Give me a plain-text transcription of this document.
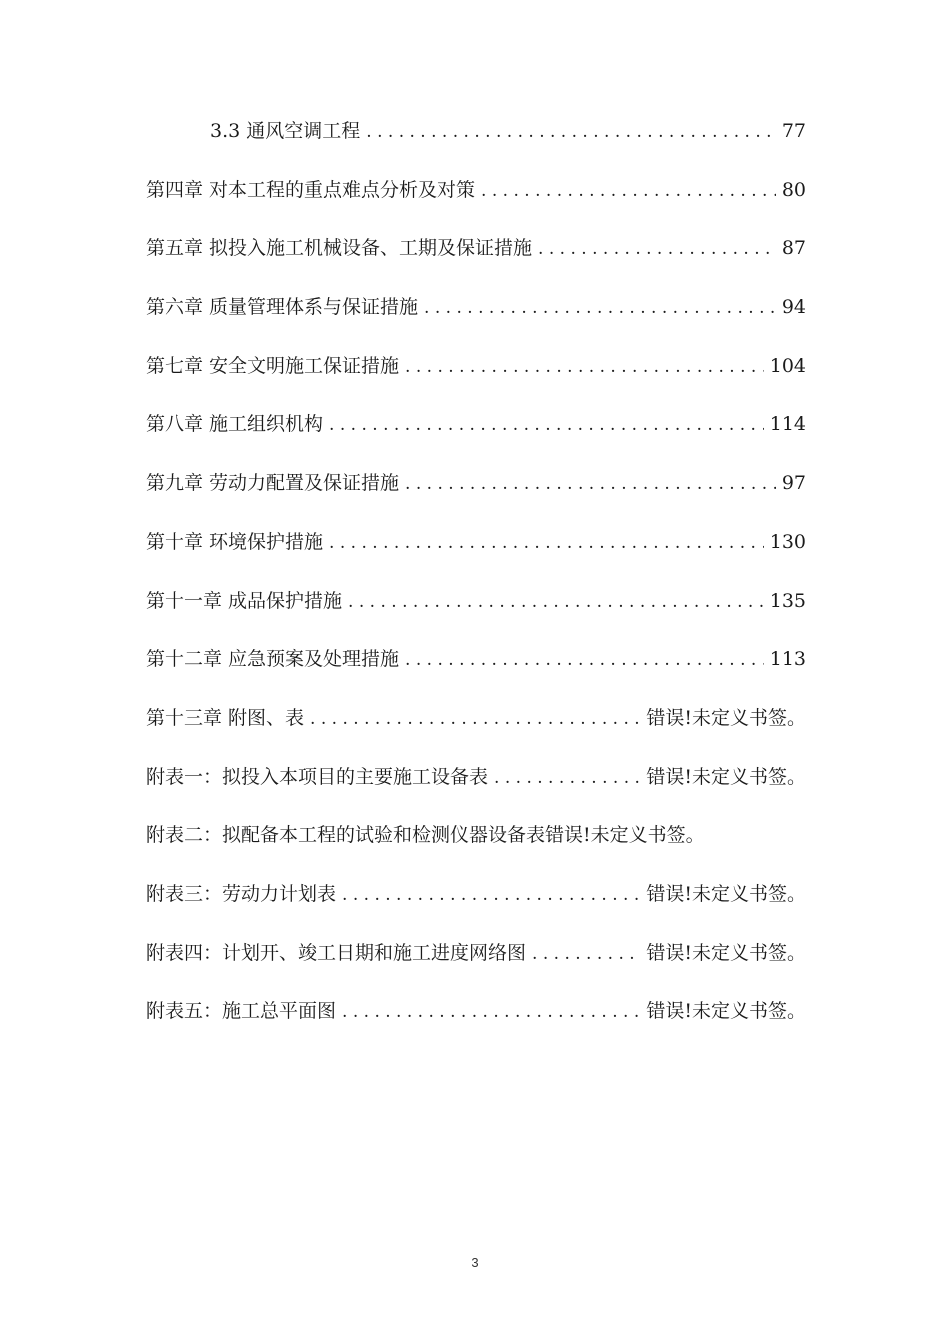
3.3 通风空调工程 . . .	77
第四章 对本工程的重点难点分析及对策 . . .	80
第五章 拟投入施工机械设备、工期及保证措施 . . .	87
第六章 质量管理体系与保证措施 . . .	94
第七章 安全文明施工保证措施 . . .	104
第八章 施工组织机构 . . .	114
第九章 劳动力配置及保证措施 . . .	97
第十章 环境保护措施 . . .	130
第十一章 成品保护措施 . . .	135
第十二章 应急预案及处理措施 . . .	113
第十三章 附图、表 . . .	错误!未定义书签。
附表一：拟投入本项目的主要施工设备表 . . .	错误!未定义书签。
附表二：拟配备本工程的试验和检测仪器设备表 错误!未定义书签。
附表三：劳动力计划表 . . .	错误!未定义书签。
附表四：计划开、竣工日期和施工进度网络图 . . .	错误!未定义书签。
附表五：施工总平面图 . . .	错误!未定义书签。
3
